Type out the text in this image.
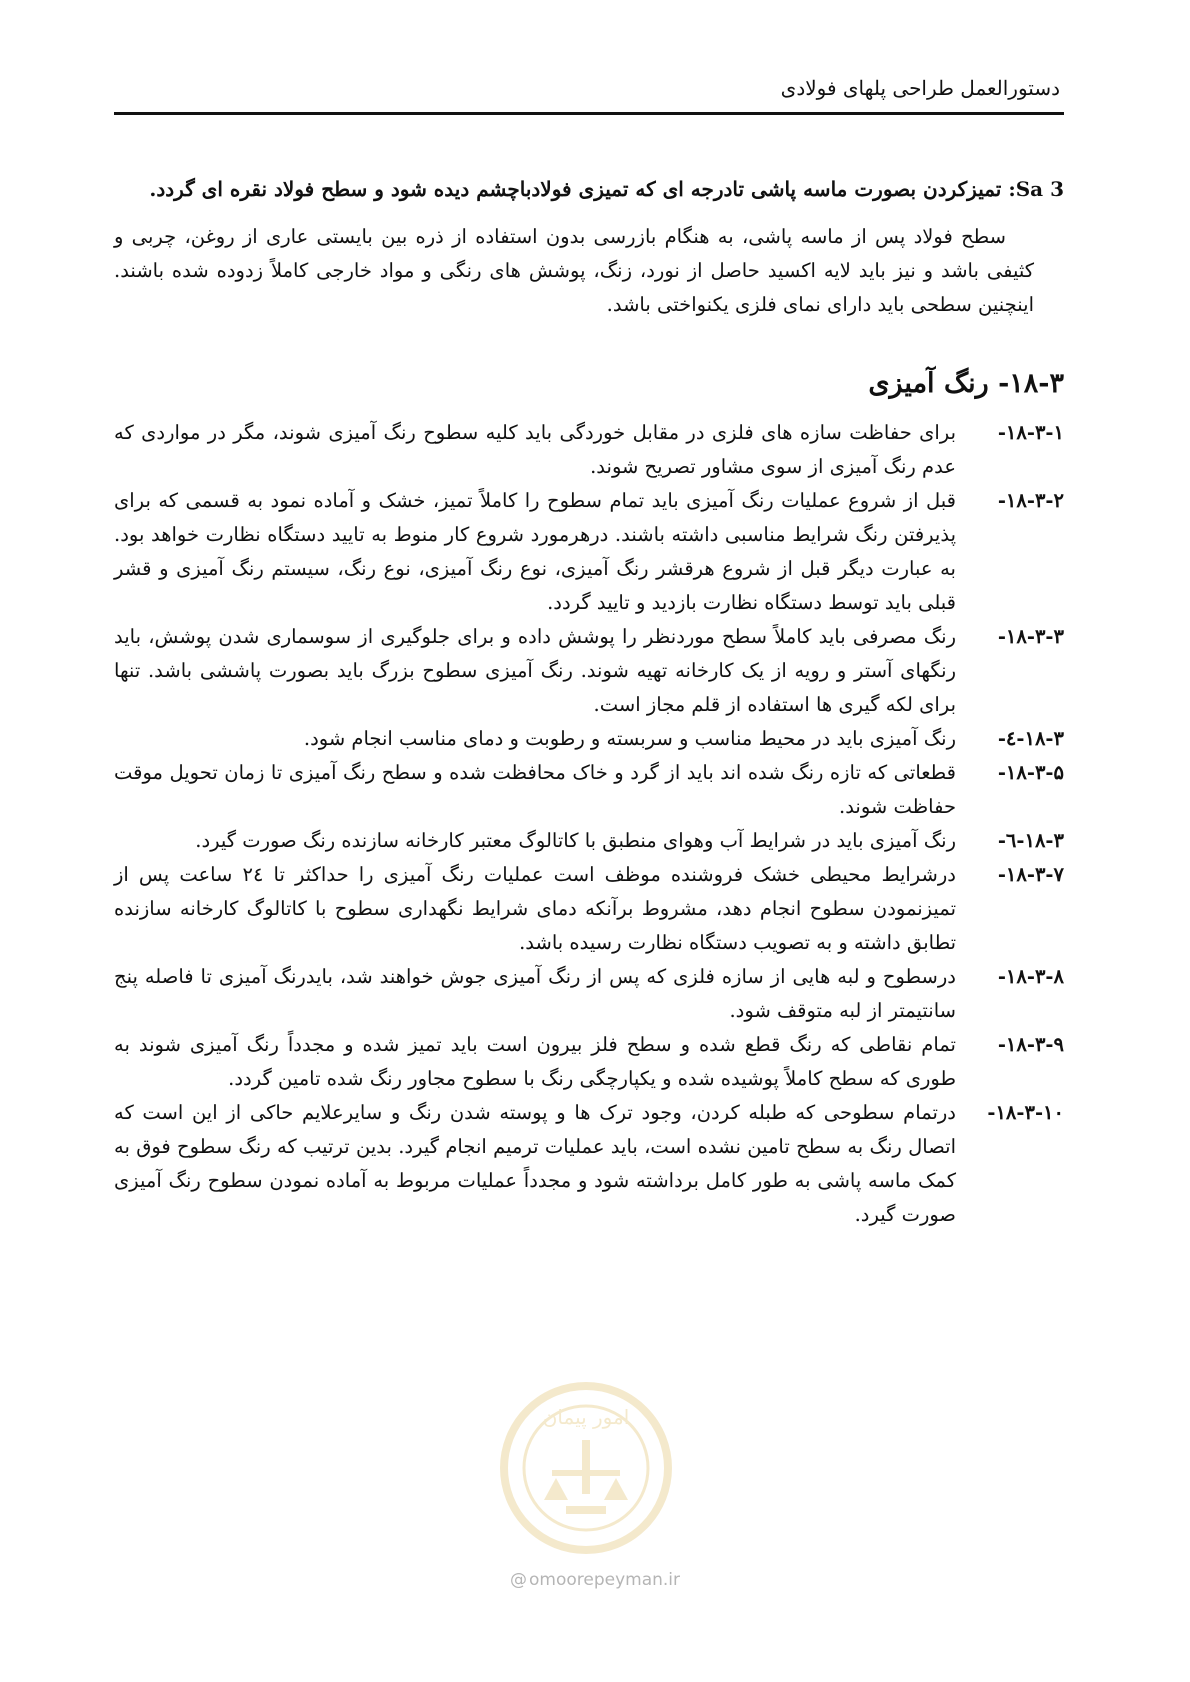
دستورالعمل طراحی پلهای فولادی

Sa 3: تمیزکردن بصورت ماسه پاشی تادرجه ای که تمیزی فولادباچشم دیده شود و سطح فولاد نقره ای گردد.

سطح فولاد پس از ماسه پاشی، به هنگام بازرسی بدون استفاده از ذره بین بایستی عاری از روغن، چربی و کثیفی باشد و نیز باید لایه اکسید حاصل از نورد، زنگ، پوشش های رنگی و مواد خارجی کاملاً زدوده شده باشند. اینچنین سطحی باید دارای نمای فلزی یکنواختی باشد.

۱۸-۳- رنگ آمیزی
۱۸-۳-۱-
برای حفاظت سازه های فلزی در مقابل خوردگی باید کلیه سطوح رنگ آمیزی شوند، مگر در مواردی که عدم رنگ آمیزی از سوی مشاور تصریح شوند.
۱۸-۳-۲-
قبل از شروع عملیات رنگ آمیزی باید تمام سطوح را کاملاً تمیز، خشک و آماده نمود به قسمی که برای پذیرفتن رنگ شرایط مناسبی داشته باشند. درهرمورد شروع کار منوط به تایید دستگاه نظارت خواهد بود. به عبارت دیگر قبل از شروع هرقشر رنگ آمیزی، نوع رنگ آمیزی، نوع رنگ، سیستم رنگ آمیزی و قشر قبلی باید توسط دستگاه نظارت بازدید و تایید گردد.
۱۸-۳-۳-
رنگ مصرفی باید کاملاً سطح موردنظر را پوشش داده و برای جلوگیری از سوسماری شدن پوشش، باید رنگهای آستر و رویه از یک کارخانه تهیه شوند. رنگ آمیزی سطوح بزرگ باید بصورت پاششی باشد. تنها برای لکه گیری ها استفاده از قلم مجاز است.
۱۸-۳-٤-
رنگ آمیزی باید در محیط مناسب و سربسته و رطوبت و دمای مناسب انجام شود.
۱۸-۳-۵-
قطعاتی که تازه رنگ شده اند باید از گرد و خاک محافظت شده و سطح رنگ آمیزی تا زمان تحویل موقت حفاظت شوند.
۱۸-۳-٦-
رنگ آمیزی باید در شرایط آب وهوای منطبق با کاتالوگ معتبر کارخانه سازنده رنگ صورت گیرد.
۱۸-۳-۷-
درشرایط محیطی خشک فروشنده موظف است عملیات رنگ آمیزی را حداکثر تا ٢٤ ساعت پس از تمیزنمودن سطوح انجام دهد، مشروط برآنکه دمای شرایط نگهداری سطوح با کاتالوگ کارخانه سازنده تطابق داشته و به تصویب دستگاه نظارت رسیده باشد.
۱۸-۳-۸-
درسطوح و لبه هایی از سازه فلزی که پس از رنگ آمیزی جوش خواهند شد، بایدرنگ آمیزی تا فاصله پنج سانتیمتر از لبه متوقف شود.
۱۸-۳-۹-
تمام نقاطی که رنگ قطع شده و سطح فلز بیرون است باید تمیز شده و مجدداً رنگ آمیزی شوند به طوری که سطح کاملاً پوشیده شده و یکپارچگی رنگ با سطوح مجاور رنگ شده تامین گردد.
۱۸-۳-۱۰-
درتمام سطوحی که طبله کردن، وجود ترک ها و پوسته شدن رنگ و سایرعلایم حاکی از این است که اتصال رنگ به سطح تامین نشده است، باید عملیات ترمیم انجام گیرد. بدین ترتیب که رنگ سطوح فوق به کمک ماسه پاشی به طور کامل برداشته شود و مجدداً عملیات مربوط به آماده نمودن سطوح رنگ آمیزی صورت گیرد.
امور پیمان
@ omoorepeyman.ir
